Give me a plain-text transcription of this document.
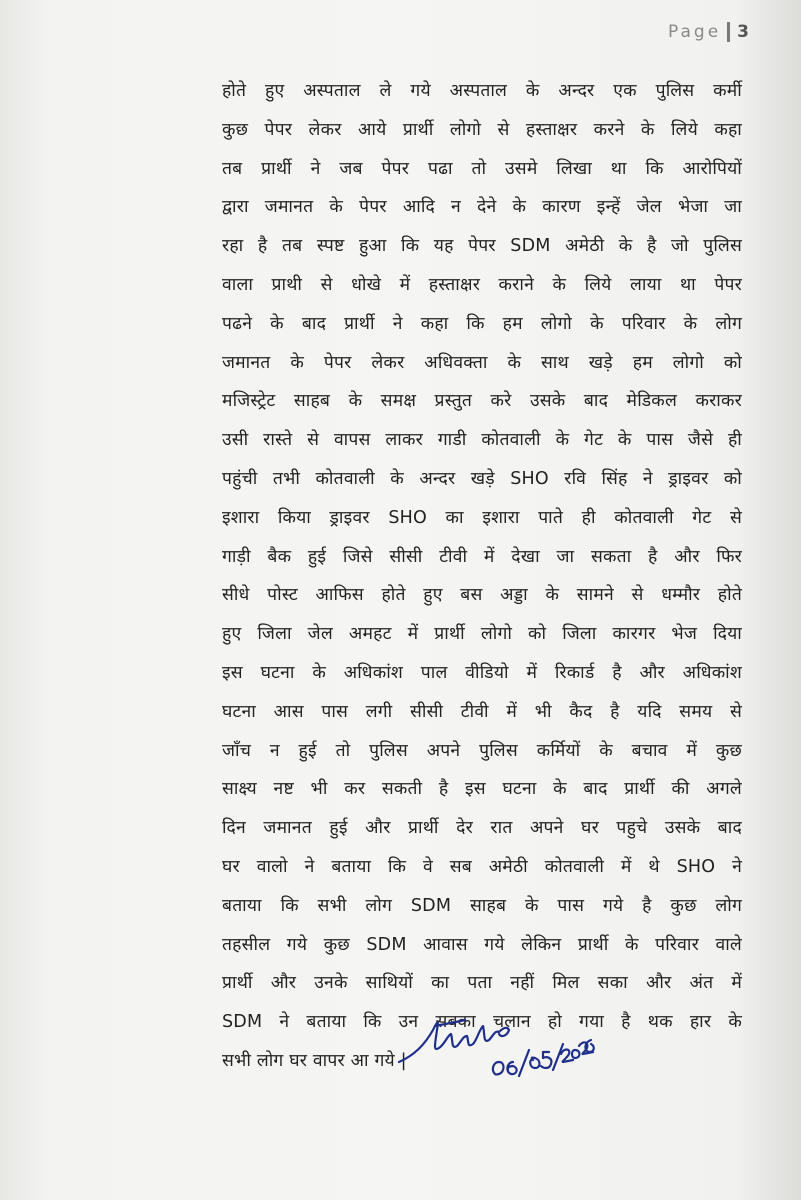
Page 3
होते हुए अस्पताल ले गये अस्पताल के अन्दर एक पुलिस कर्मी
कुछ पेपर लेकर आये प्रार्थी लोगो से हस्ताक्षर करने के लिये कहा
तब प्रार्थी ने जब पेपर पढा तो उसमे लिखा था कि आरोपियों
द्वारा जमानत के पेपर आदि न देने के कारण इन्हें जेल भेजा जा
रहा है तब स्पष्ट हुआ कि यह पेपर SDM अमेठी के है जो पुलिस
वाला प्राथी से धोखे में हस्ताक्षर कराने के लिये लाया था पेपर
पढने के बाद प्रार्थी ने कहा कि हम लोगो के परिवार के लोग
जमानत के पेपर लेकर अधिवक्ता के साथ खड़े हम लोगो को
मजिस्ट्रेट साहब के समक्ष प्रस्तुत करे उसके बाद मेडिकल कराकर
उसी रास्ते से वापस लाकर गाडी कोतवाली के गेट के पास जैसे ही
पहुंची तभी कोतवाली के अन्दर खड़े SHO रवि सिंह ने ड्राइवर को
इशारा किया ड्राइवर SHO का इशारा पाते ही कोतवाली गेट से
गाड़ी बैक हुई जिसे सीसी टीवी में देखा जा सकता है और फिर
सीधे पोस्ट आफिस होते हुए बस अड्डा के सामने से धम्मौर होते
हुए जिला जेल अमहट में प्रार्थी लोगो को जिला कारगर भेज दिया
इस घटना के अधिकांश पाल वीडियो में रिकार्ड है और अधिकांश
घटना आस पास लगी सीसी टीवी में भी कैद है यदि समय से
जाँच न हुई तो पुलिस अपने पुलिस कर्मियों के बचाव में कुछ
साक्ष्य नष्ट भी कर सकती है इस घटना के बाद प्रार्थी की अगले
दिन जमानत हुई और प्रार्थी देर रात अपने घर पहुचे उसके बाद
घर वालो ने बताया कि वे सब अमेठी कोतवाली में थे SHO ने
बताया कि सभी लोग SDM साहब के पास गये है कुछ लोग
तहसील गये कुछ SDM आवास गये लेकिन प्रार्थी के परिवार वाले
प्रार्थी और उनके साथियों का पता नहीं मिल सका और अंत में
SDM ने बताया कि उन सबका चलान हो गया है थक हार के
सभी लोग घर वापर आ गये |
06/05/2026
